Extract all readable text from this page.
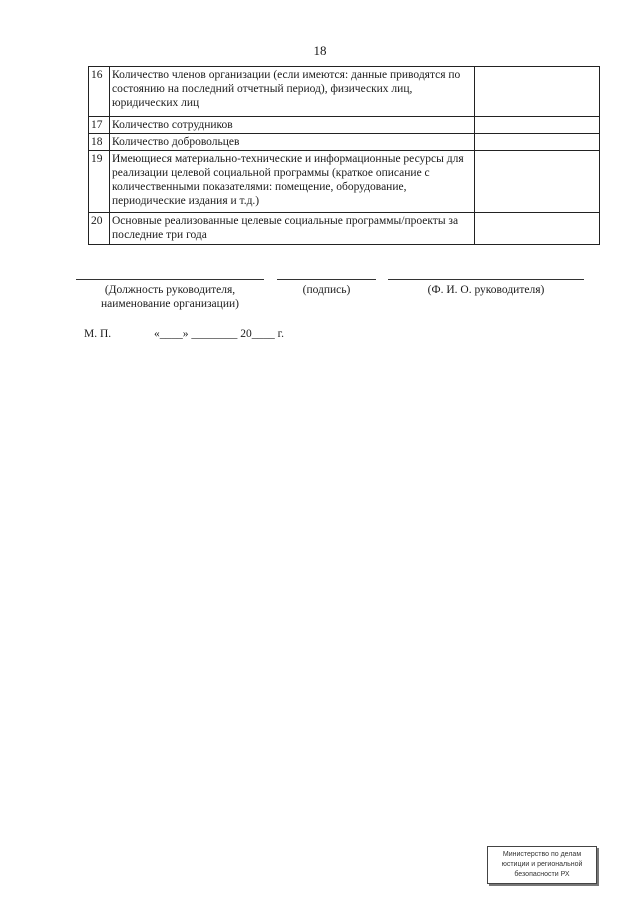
18
16	Количество членов организации (если имеются: данные приводятся по состоянию на последний отчетный период), физических лиц, юридических лиц	
17	Количество сотрудников	
18	Количество добровольцев	
19	Имеющиеся материально-технические и информационные ресурсы для реализации целевой социальной программы (краткое описание с количественными показателями: помещение, оборудование, периодические издания и т.д.)	
20	Основные реализованные целевые социальные программы/проекты за последние три года	
(Должность руководителя,
наименование организации)
(подпись)	(Ф. И. О. руководителя)
М. П.	«____» ________ 20____ г.
Министерство по делам
юстиции и региональной
безопасности РХ
